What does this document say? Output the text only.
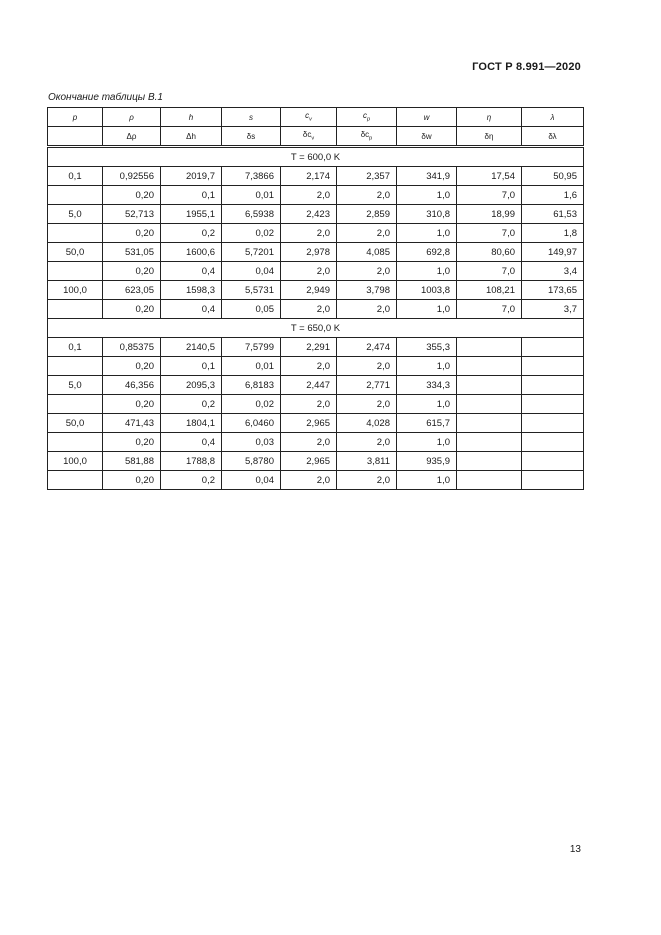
ГОСТ Р 8.991—2020
Окончание таблицы В.1
p	ρ	h	s	$c_v$	$c_p$	w	η	λ
	Δρ	Δh	δs	$\delta c_v$	$\delta c_p$	δw	δη	δλ
T = 600,0 K								
0,1	0,92556	2019,7	7,3866	2,174	2,357	341,9	17,54	50,95
	0,20	0,1	0,01	2,0	2,0	1,0	7,0	1,6
5,0	52,713	1955,1	6,5938	2,423	2,859	310,8	18,99	61,53
	0,20	0,2	0,02	2,0	2,0	1,0	7,0	1,8
50,0	531,05	1600,6	5,7201	2,978	4,085	692,8	80,60	149,97
	0,20	0,4	0,04	2,0	2,0	1,0	7,0	3,4
100,0	623,05	1598,3	5,5731	2,949	3,798	1003,8	108,21	173,65
	0,20	0,4	0,05	2,0	2,0	1,0	7,0	3,7
T = 650,0 K								
0,1	0,85375	2140,5	7,5799	2,291	2,474	355,3		
	0,20	0,1	0,01	2,0	2,0	1,0		
5,0	46,356	2095,3	6,8183	2,447	2,771	334,3		
	0,20	0,2	0,02	2,0	2,0	1,0		
50,0	471,43	1804,1	6,0460	2,965	4,028	615,7		
	0,20	0,4	0,03	2,0	2,0	1,0		
100,0	581,88	1788,8	5,8780	2,965	3,811	935,9		
	0,20	0,2	0,04	2,0	2,0	1,0		
13
